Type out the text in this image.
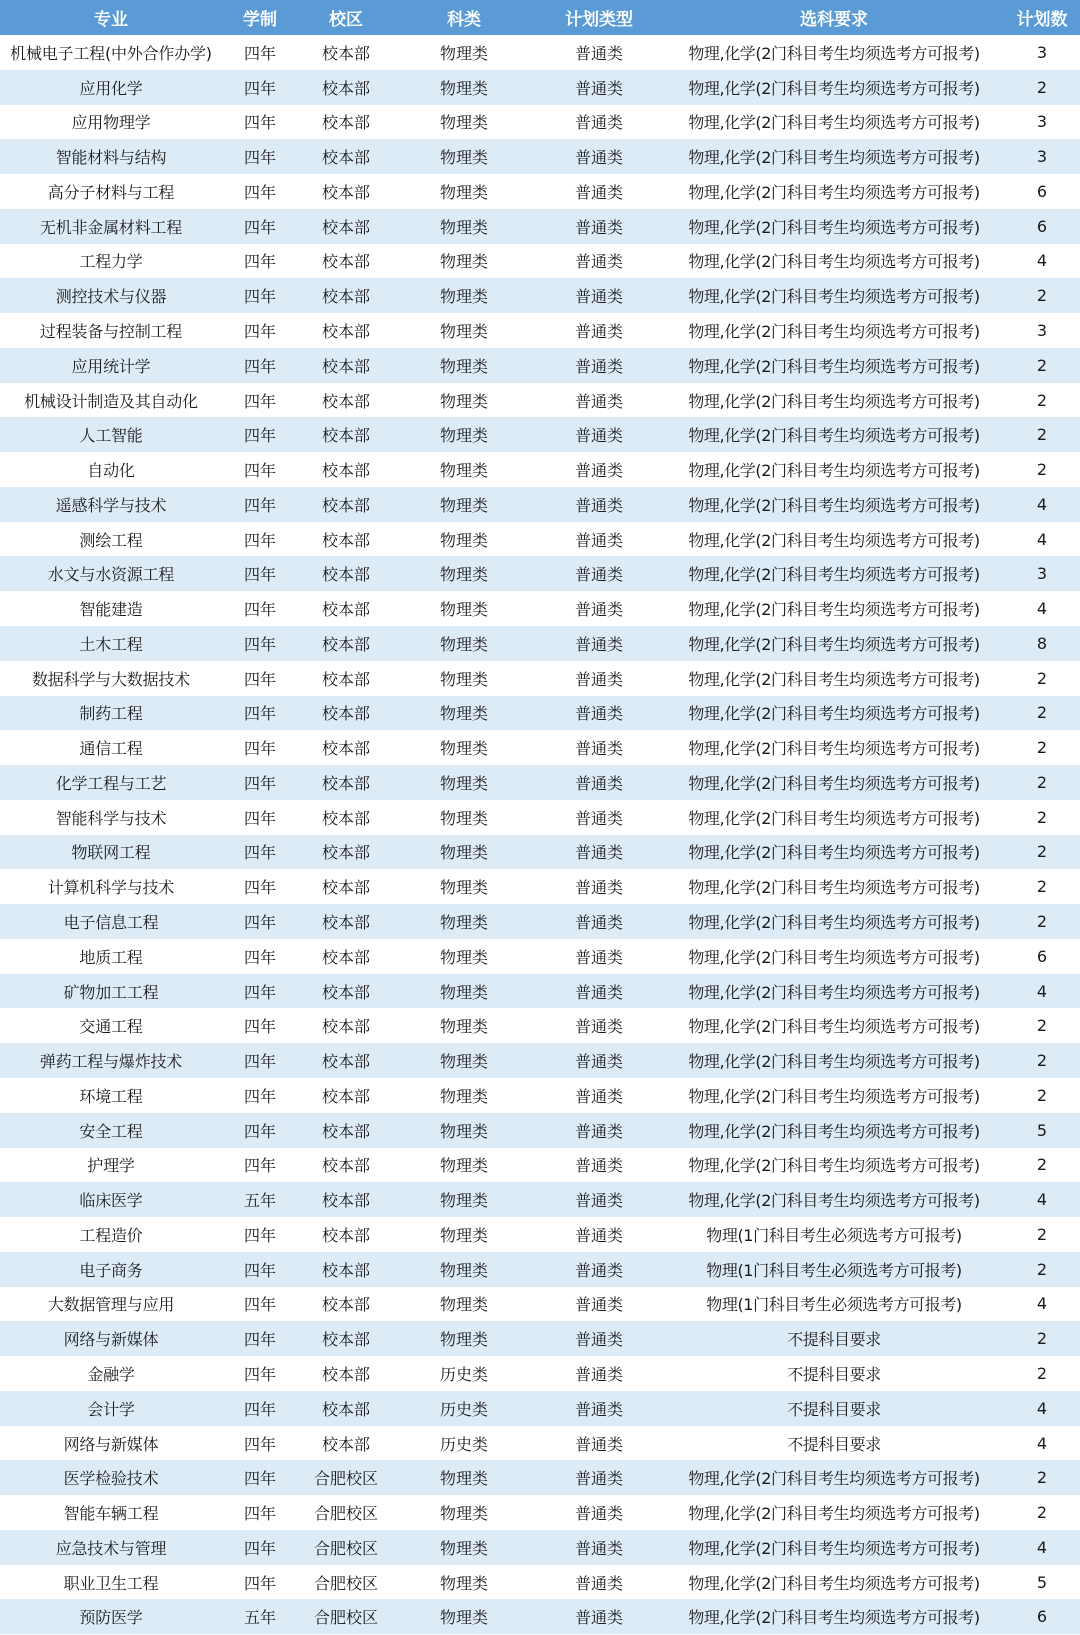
专业	学制	校区	科类	计划类型	选科要求	计划数
机械电子工程(中外合作办学)	四年	校本部	物理类	普通类	物理,化学(2门科目考生均须选考方可报考)	3
应用化学	四年	校本部	物理类	普通类	物理,化学(2门科目考生均须选考方可报考)	2
应用物理学	四年	校本部	物理类	普通类	物理,化学(2门科目考生均须选考方可报考)	3
智能材料与结构	四年	校本部	物理类	普通类	物理,化学(2门科目考生均须选考方可报考)	3
高分子材料与工程	四年	校本部	物理类	普通类	物理,化学(2门科目考生均须选考方可报考)	6
无机非金属材料工程	四年	校本部	物理类	普通类	物理,化学(2门科目考生均须选考方可报考)	6
工程力学	四年	校本部	物理类	普通类	物理,化学(2门科目考生均须选考方可报考)	4
测控技术与仪器	四年	校本部	物理类	普通类	物理,化学(2门科目考生均须选考方可报考)	2
过程装备与控制工程	四年	校本部	物理类	普通类	物理,化学(2门科目考生均须选考方可报考)	3
应用统计学	四年	校本部	物理类	普通类	物理,化学(2门科目考生均须选考方可报考)	2
机械设计制造及其自动化	四年	校本部	物理类	普通类	物理,化学(2门科目考生均须选考方可报考)	2
人工智能	四年	校本部	物理类	普通类	物理,化学(2门科目考生均须选考方可报考)	2
自动化	四年	校本部	物理类	普通类	物理,化学(2门科目考生均须选考方可报考)	2
遥感科学与技术	四年	校本部	物理类	普通类	物理,化学(2门科目考生均须选考方可报考)	4
测绘工程	四年	校本部	物理类	普通类	物理,化学(2门科目考生均须选考方可报考)	4
水文与水资源工程	四年	校本部	物理类	普通类	物理,化学(2门科目考生均须选考方可报考)	3
智能建造	四年	校本部	物理类	普通类	物理,化学(2门科目考生均须选考方可报考)	4
土木工程	四年	校本部	物理类	普通类	物理,化学(2门科目考生均须选考方可报考)	8
数据科学与大数据技术	四年	校本部	物理类	普通类	物理,化学(2门科目考生均须选考方可报考)	2
制药工程	四年	校本部	物理类	普通类	物理,化学(2门科目考生均须选考方可报考)	2
通信工程	四年	校本部	物理类	普通类	物理,化学(2门科目考生均须选考方可报考)	2
化学工程与工艺	四年	校本部	物理类	普通类	物理,化学(2门科目考生均须选考方可报考)	2
智能科学与技术	四年	校本部	物理类	普通类	物理,化学(2门科目考生均须选考方可报考)	2
物联网工程	四年	校本部	物理类	普通类	物理,化学(2门科目考生均须选考方可报考)	2
计算机科学与技术	四年	校本部	物理类	普通类	物理,化学(2门科目考生均须选考方可报考)	2
电子信息工程	四年	校本部	物理类	普通类	物理,化学(2门科目考生均须选考方可报考)	2
地质工程	四年	校本部	物理类	普通类	物理,化学(2门科目考生均须选考方可报考)	6
矿物加工工程	四年	校本部	物理类	普通类	物理,化学(2门科目考生均须选考方可报考)	4
交通工程	四年	校本部	物理类	普通类	物理,化学(2门科目考生均须选考方可报考)	2
弹药工程与爆炸技术	四年	校本部	物理类	普通类	物理,化学(2门科目考生均须选考方可报考)	2
环境工程	四年	校本部	物理类	普通类	物理,化学(2门科目考生均须选考方可报考)	2
安全工程	四年	校本部	物理类	普通类	物理,化学(2门科目考生均须选考方可报考)	5
护理学	四年	校本部	物理类	普通类	物理,化学(2门科目考生均须选考方可报考)	2
临床医学	五年	校本部	物理类	普通类	物理,化学(2门科目考生均须选考方可报考)	4
工程造价	四年	校本部	物理类	普通类	物理(1门科目考生必须选考方可报考)	2
电子商务	四年	校本部	物理类	普通类	物理(1门科目考生必须选考方可报考)	2
大数据管理与应用	四年	校本部	物理类	普通类	物理(1门科目考生必须选考方可报考)	4
网络与新媒体	四年	校本部	物理类	普通类	不提科目要求	2
金融学	四年	校本部	历史类	普通类	不提科目要求	2
会计学	四年	校本部	历史类	普通类	不提科目要求	4
网络与新媒体	四年	校本部	历史类	普通类	不提科目要求	4
医学检验技术	四年	合肥校区	物理类	普通类	物理,化学(2门科目考生均须选考方可报考)	2
智能车辆工程	四年	合肥校区	物理类	普通类	物理,化学(2门科目考生均须选考方可报考)	2
应急技术与管理	四年	合肥校区	物理类	普通类	物理,化学(2门科目考生均须选考方可报考)	4
职业卫生工程	四年	合肥校区	物理类	普通类	物理,化学(2门科目考生均须选考方可报考)	5
预防医学	五年	合肥校区	物理类	普通类	物理,化学(2门科目考生均须选考方可报考)	6
